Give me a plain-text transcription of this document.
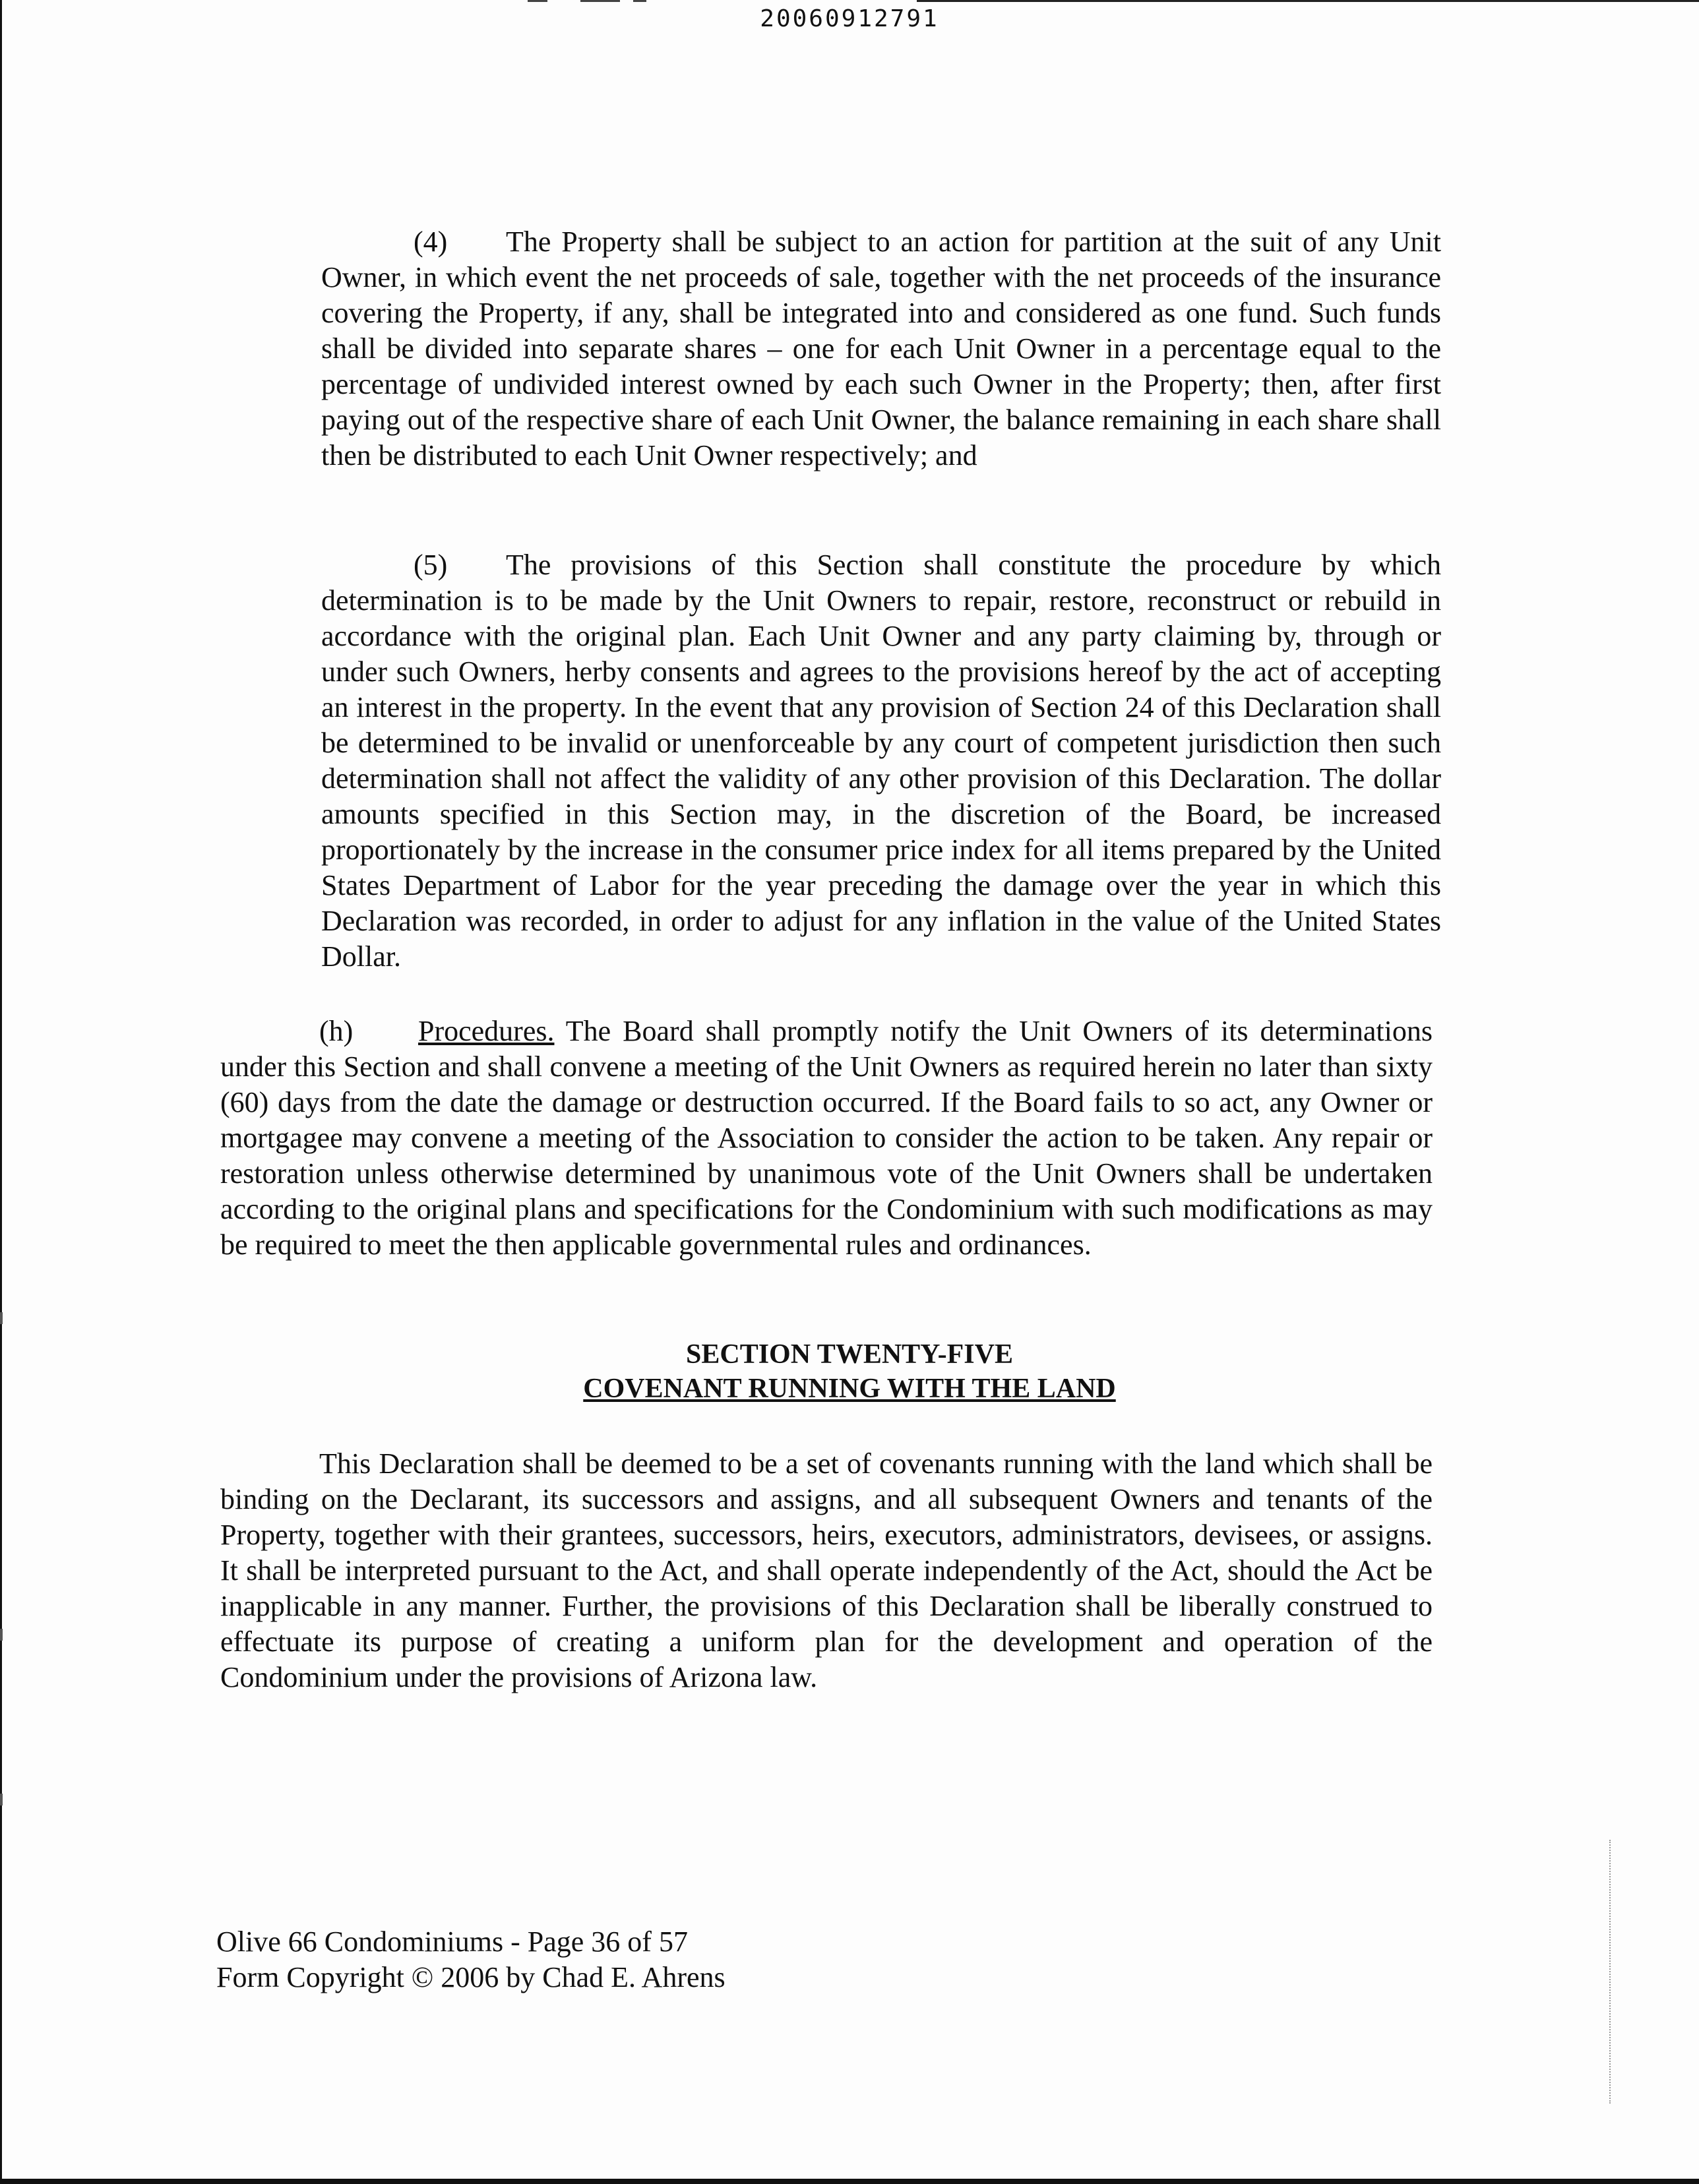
20060912791
(4) The Property shall be subject to an action for partition at the suit of any Unit Owner, in which event the net proceeds of sale, together with the net proceeds of the insurance covering the Property, if any, shall be integrated into and considered as one fund. Such funds shall be divided into separate shares – one for each Unit Owner in a percentage equal to the percentage of undivided interest owned by each such Owner in the Property; then, after first paying out of the respective share of each Unit Owner, the balance remaining in each share shall then be distributed to each Unit Owner respectively; and
(5) The provisions of this Section shall constitute the procedure by which determination is to be made by the Unit Owners to repair, restore, reconstruct or rebuild in accordance with the original plan. Each Unit Owner and any party claiming by, through or under such Owners, herby consents and agrees to the provisions hereof by the act of accepting an interest in the property. In the event that any provision of Section 24 of this Declaration shall be determined to be invalid or unenforceable by any court of competent jurisdiction then such determination shall not affect the validity of any other provision of this Declaration. The dollar amounts specified in this Section may, in the discretion of the Board, be increased proportionately by the increase in the consumer price index for all items prepared by the United States Department of Labor for the year preceding the damage over the year in which this Declaration was recorded, in order to adjust for any inflation in the value of the United States Dollar.
(h) Procedures. The Board shall promptly notify the Unit Owners of its determinations under this Section and shall convene a meeting of the Unit Owners as required herein no later than sixty (60) days from the date the damage or destruction occurred. If the Board fails to so act, any Owner or mortgagee may convene a meeting of the Association to consider the action to be taken. Any repair or restoration unless otherwise determined by unanimous vote of the Unit Owners shall be undertaken according to the original plans and specifications for the Condominium with such modifications as may be required to meet the then applicable governmental rules and ordinances.
SECTION TWENTY-FIVE
COVENANT RUNNING WITH THE LAND
This Declaration shall be deemed to be a set of covenants running with the land which shall be binding on the Declarant, its successors and assigns, and all subsequent Owners and tenants of the Property, together with their grantees, successors, heirs, executors, administrators, devisees, or assigns. It shall be interpreted pursuant to the Act, and shall operate independently of the Act, should the Act be inapplicable in any manner. Further, the provisions of this Declaration shall be liberally construed to effectuate its purpose of creating a uniform plan for the development and operation of the Condominium under the provisions of Arizona law.
Olive 66 Condominiums - Page 36 of 57
Form Copyright © 2006 by Chad E. Ahrens
